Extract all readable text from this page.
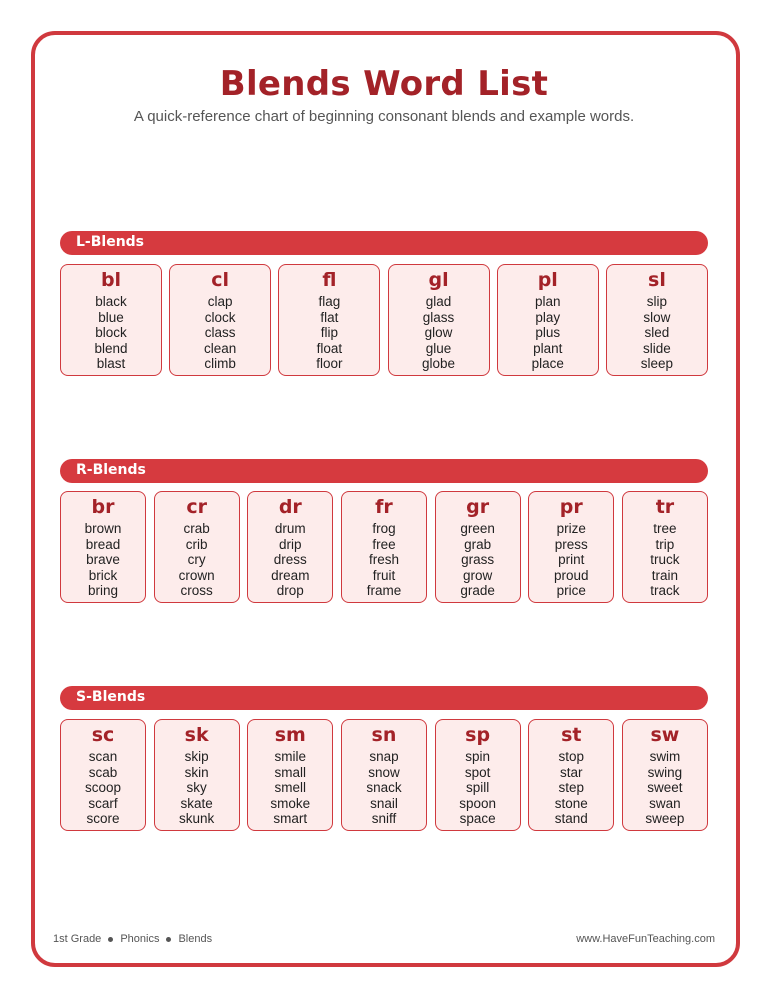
Blends Word List
A quick-reference chart of beginning consonant blends and example words.
L-Blends
bl
black
blue
block
blend
blast
cl
clap
clock
class
clean
climb
fl
flag
flat
flip
float
floor
gl
glad
glass
glow
glue
globe
pl
plan
play
plus
plant
place
sl
slip
slow
sled
slide
sleep
R-Blends
br
brown
bread
brave
brick
bring
cr
crab
crib
cry
crown
cross
dr
drum
drip
dress
dream
drop
fr
frog
free
fresh
fruit
frame
gr
green
grab
grass
grow
grade
pr
prize
press
print
proud
price
tr
tree
trip
truck
train
track
S-Blends
sc
scan
scab
scoop
scarf
score
sk
skip
skin
sky
skate
skunk
sm
smile
small
smell
smoke
smart
sn
snap
snow
snack
snail
sniff
sp
spin
spot
spill
spoon
space
st
stop
star
step
stone
stand
sw
swim
swing
sweet
swan
sweep
1st Grade Phonics Blends	www.HaveFunTeaching.com
